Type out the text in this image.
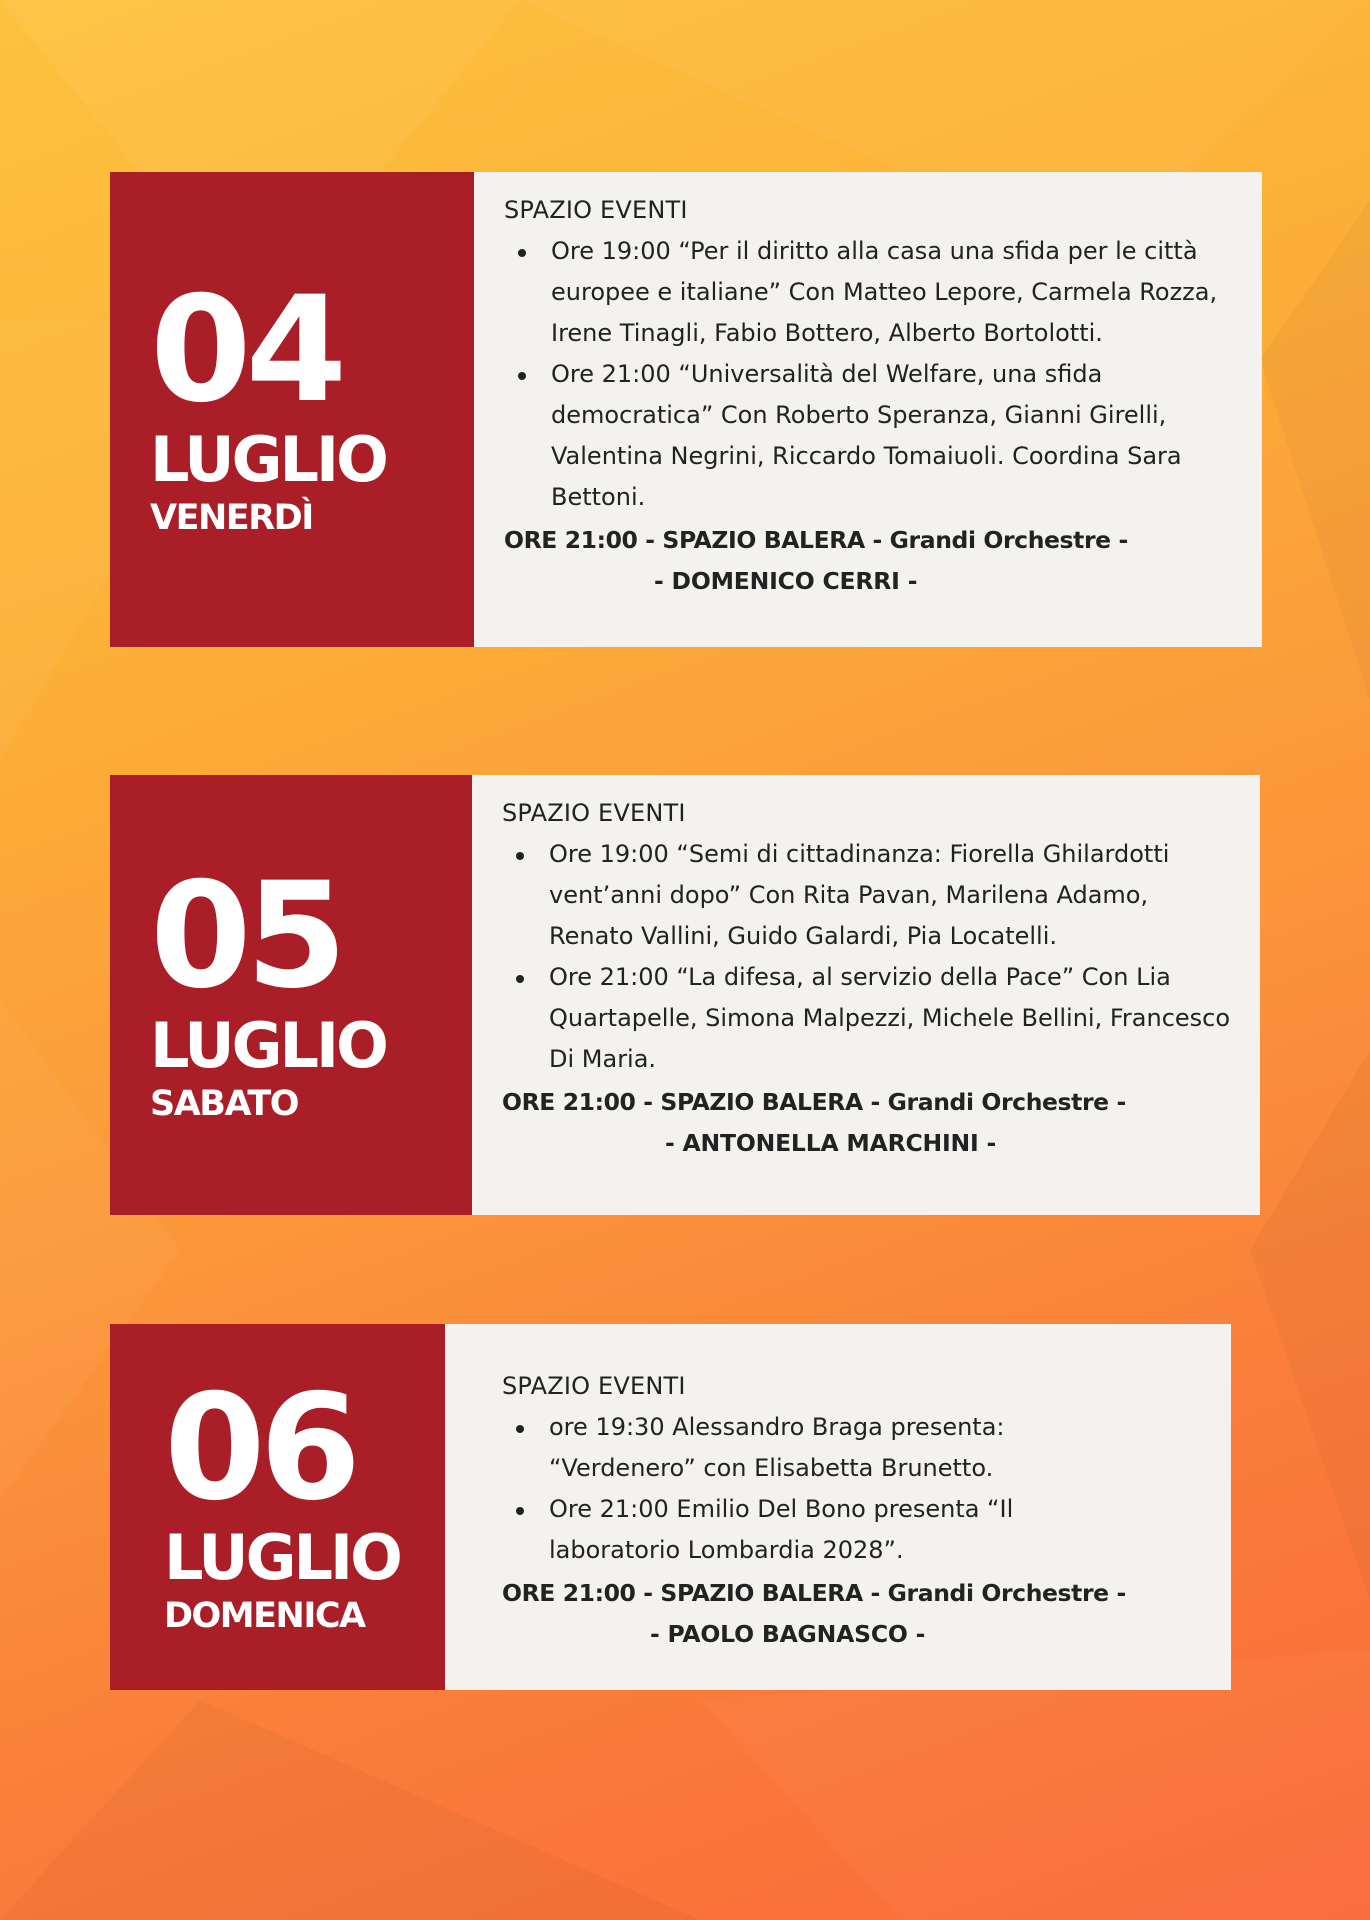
04
LUGLIO
VENERDÌ
SPAZIO EVENTI
Ore 19:00 “Per il diritto alla casa una sfida per le città europee e italiane” Con Matteo Lepore, Carmela Rozza, Irene Tinagli, Fabio Bottero, Alberto Bortolotti.
Ore 21:00 “Universalità del Welfare, una sfida democratica” Con Roberto Speranza, Gianni Girelli, Valentina Negrini, Riccardo Tomaiuoli. Coordina Sara Bettoni.
ORE 21:00 - SPAZIO BALERA - Grandi Orchestre -
- DOMENICO CERRI -
05
LUGLIO
SABATO
SPAZIO EVENTI
Ore 19:00 “Semi di cittadinanza: Fiorella Ghilardotti vent’anni dopo” Con Rita Pavan, Marilena Adamo, Renato Vallini, Guido Galardi, Pia Locatelli.
Ore 21:00 “La difesa, al servizio della Pace” Con Lia Quartapelle, Simona Malpezzi, Michele Bellini, Francesco Di Maria.
ORE 21:00 - SPAZIO BALERA - Grandi Orchestre -
- ANTONELLA MARCHINI -
06
LUGLIO
DOMENICA
SPAZIO EVENTI
ore 19:30 Alessandro Braga presenta: “Verdenero” con Elisabetta Brunetto.
Ore 21:00 Emilio Del Bono presenta “Il laboratorio Lombardia 2028”.
ORE 21:00 - SPAZIO BALERA - Grandi Orchestre -
- PAOLO BAGNASCO -
